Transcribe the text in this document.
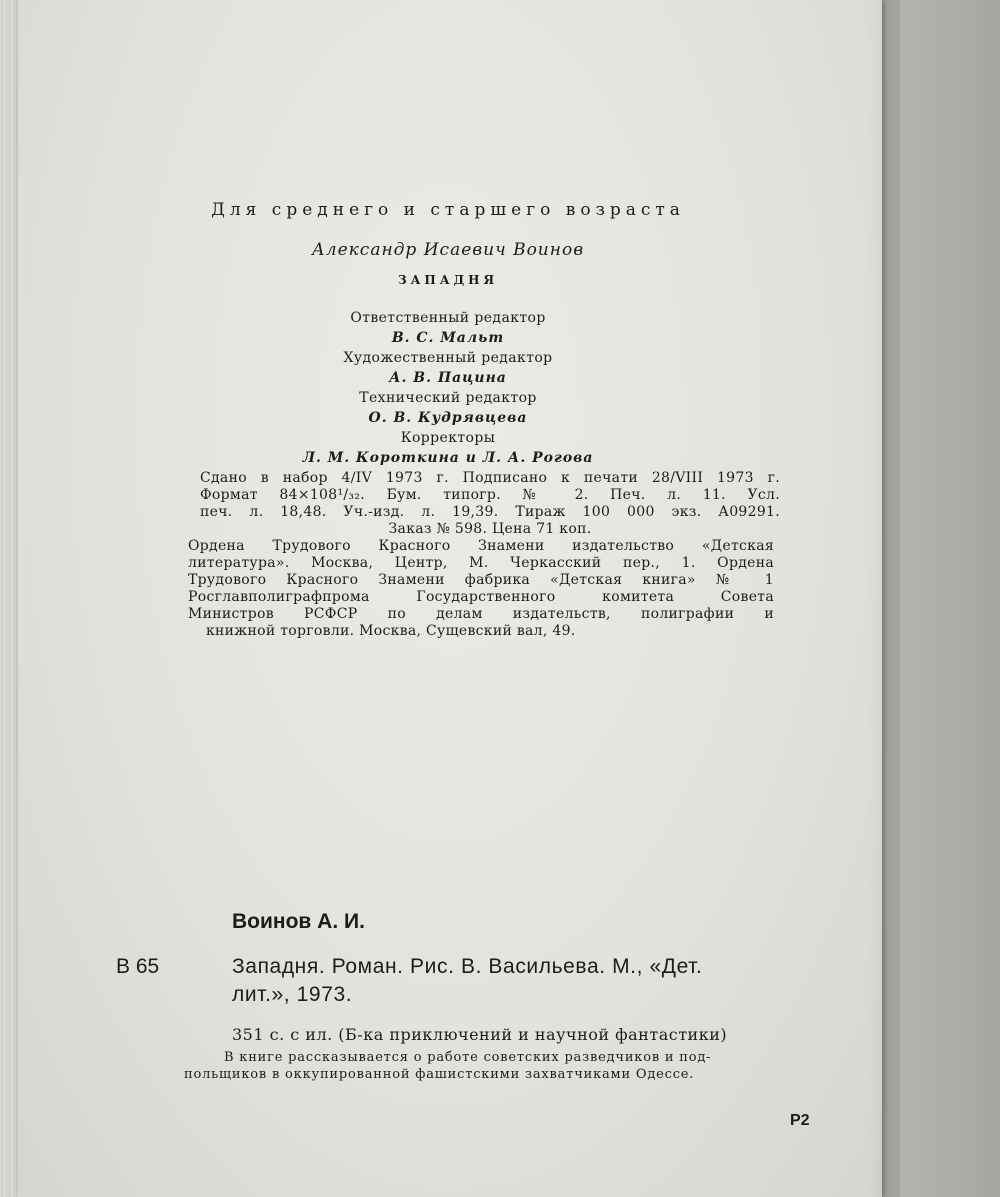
Для среднего и старшего возраста

Александр Исаевич Воинов

ЗАПАДНЯ

Ответственный редактор

В. С. Мальт

Художественный редактор

А. В. Пацина

Технический редактор

О. В. Кудрявцева

Корректоры

Л. М. Короткина и Л. А. Рогова

Сдано в набор 4/IV 1973 г. Подписано к печати 28/VIII 1973 г.

Формат 84×108¹/₃₂. Бум. типогр. № 2. Печ. л. 11. Усл.

печ. л. 18,48. Уч.-изд. л. 19,39. Тираж 100 000 экз. А09291.

Заказ № 598. Цена 71 коп.

Ордена Трудового Красного Знамени издательство «Детская

литература». Москва, Центр, М. Черкасский пер., 1. Ордена

Трудового Красного Знамени фабрика «Детская книга» № 1

Росглавполиграфпрома Государственного комитета Совета

Министров РСФСР по делам издательств, полиграфии и

книжной торговли. Москва, Сущевский вал, 49.

Воинов А. И.

В 65	Западня. Роман. Рис. В. Васильева. М., «Дет.

лит.», 1973.

351 с. с ил. (Б-ка приключений и научной фантастики)

В книге рассказывается о работе советских разведчиков и под-

польщиков в оккупированной фашистскими захватчиками Одессе.

Р2
